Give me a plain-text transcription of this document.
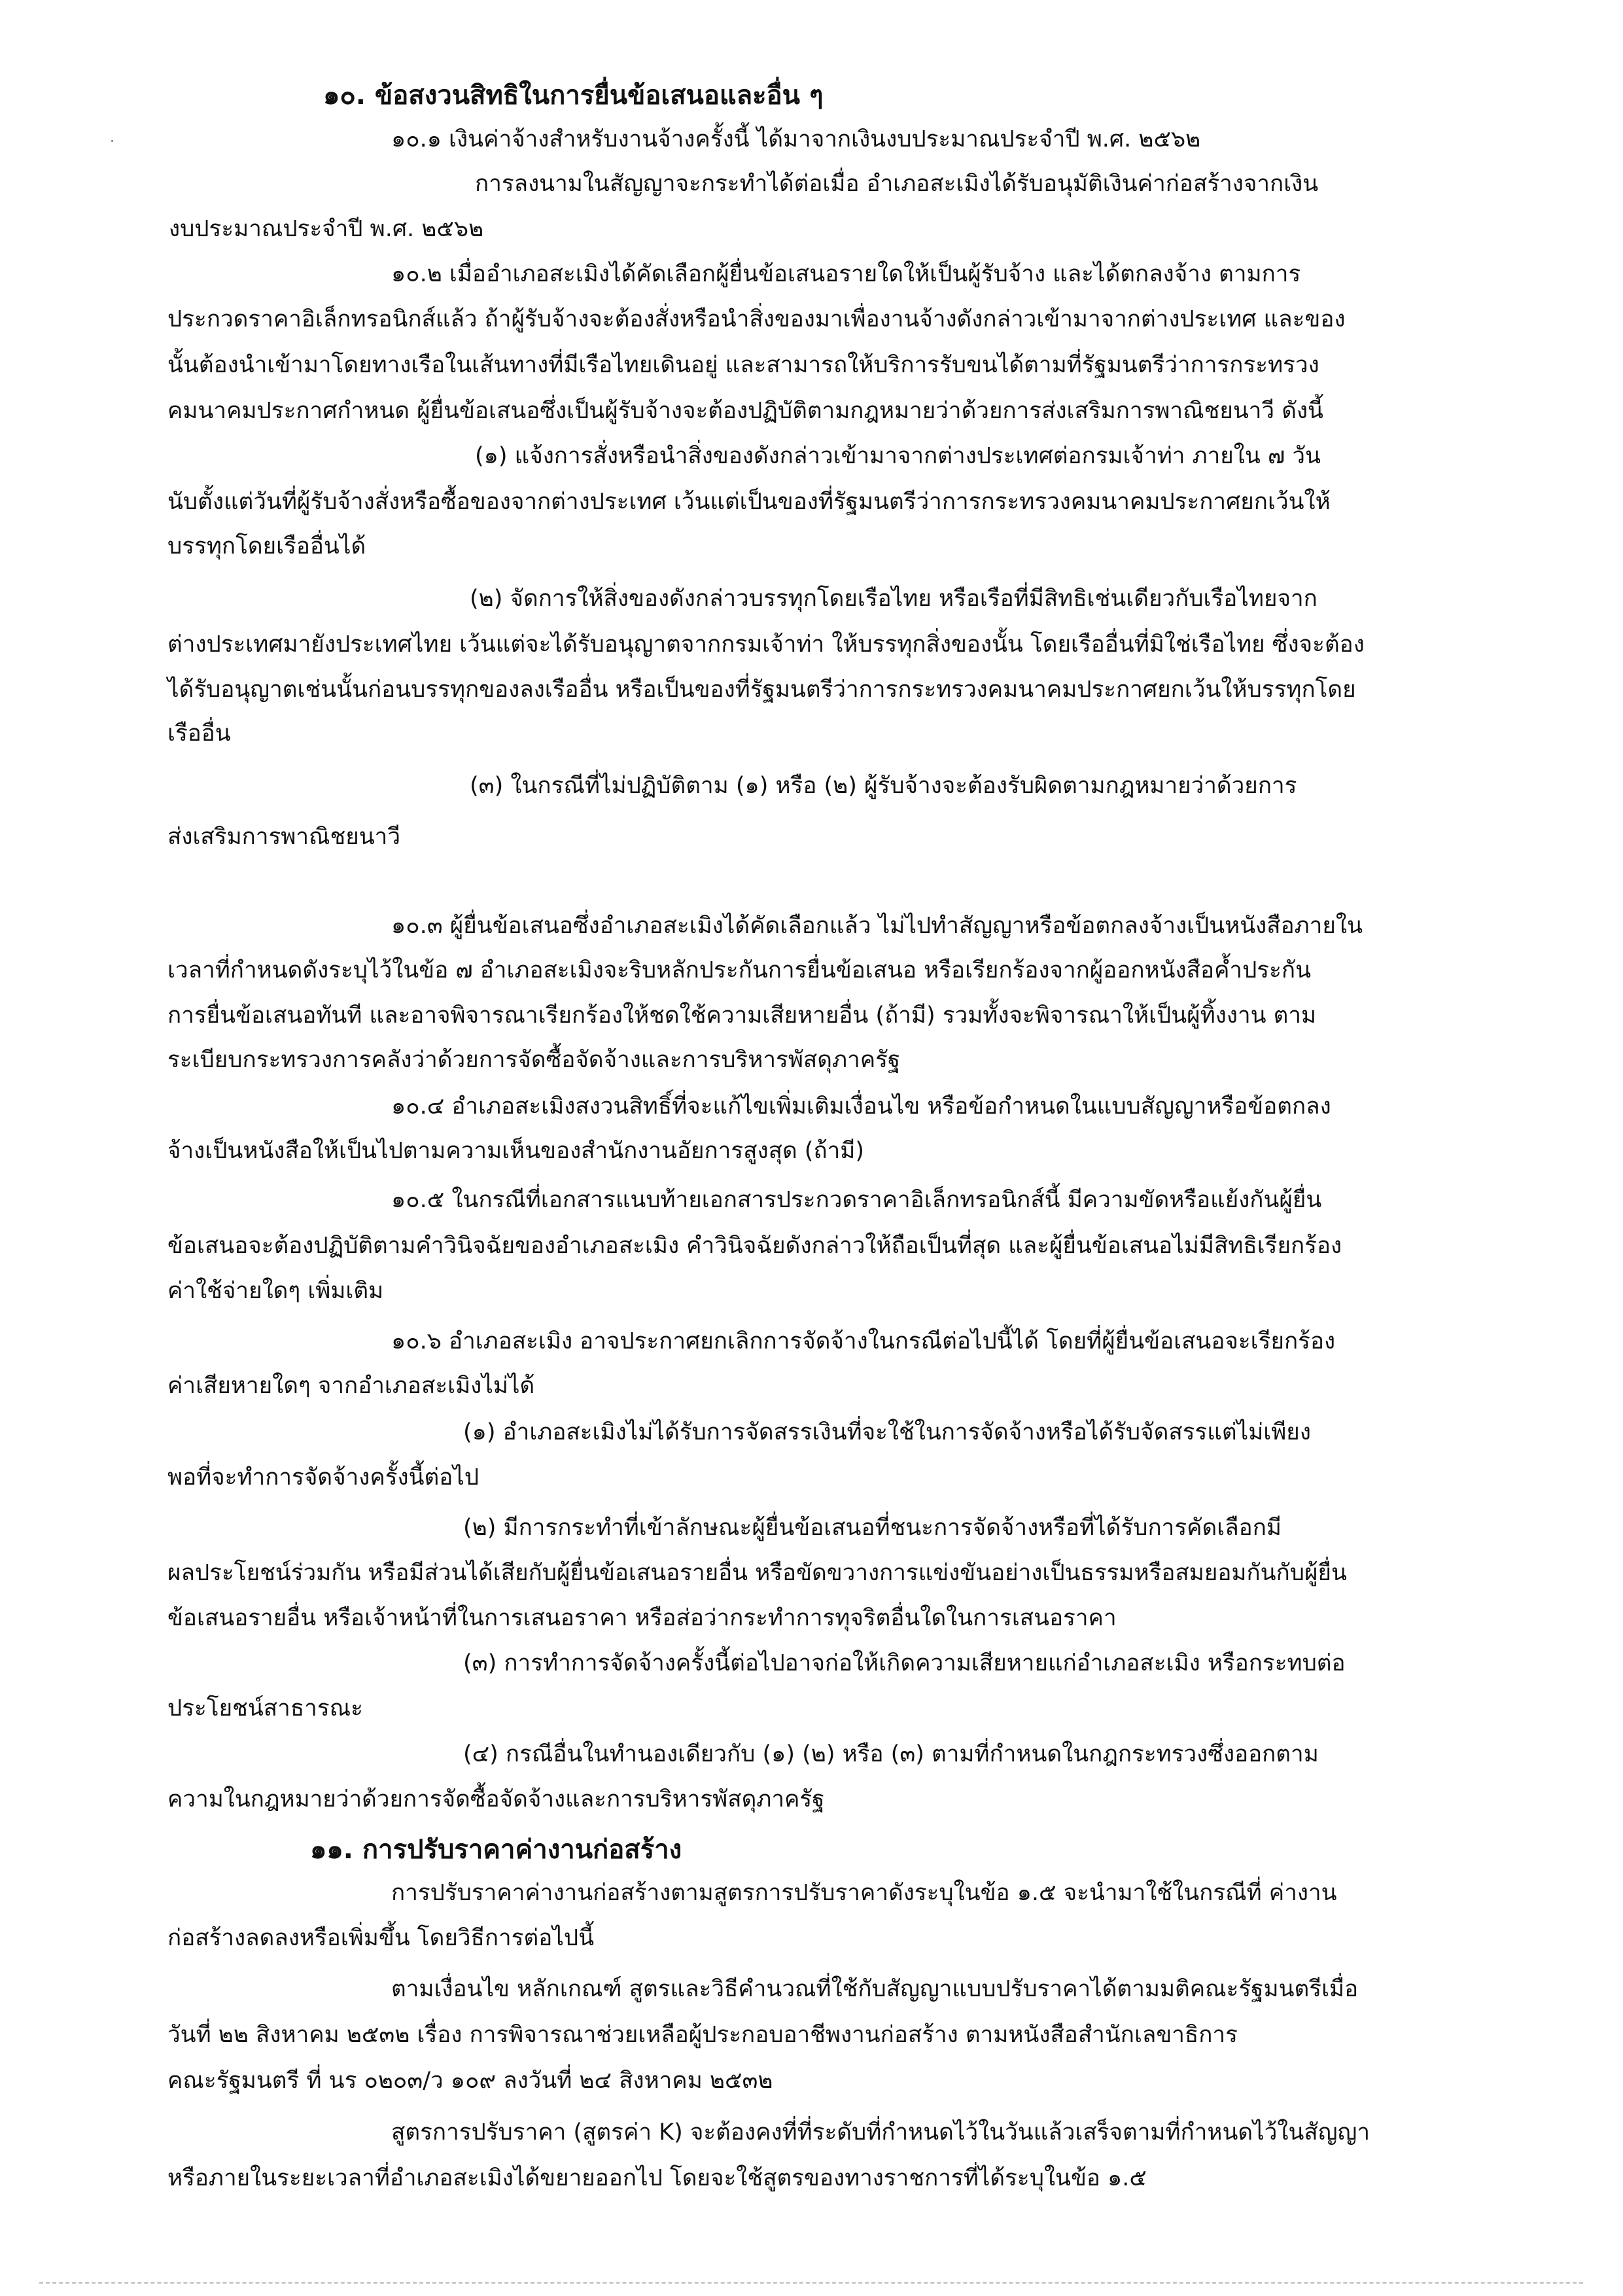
๑๐. ข้อสงวนสิทธิในการยื่นข้อเสนอและอื่น ๆ

๑๐.๑ เงินค่าจ้างสำหรับงานจ้างครั้งนี้ ได้มาจากเงินงบประมาณประจำปี พ.ศ. ๒๕๖๒

การลงนามในสัญญาจะกระทำได้ต่อเมื่อ อำเภอสะเมิงได้รับอนุมัติเงินค่าก่อสร้างจากเงิน

งบประมาณประจำปี พ.ศ. ๒๕๖๒

๑๐.๒ เมื่ออำเภอสะเมิงได้คัดเลือกผู้ยื่นข้อเสนอรายใดให้เป็นผู้รับจ้าง และได้ตกลงจ้าง ตามการ

ประกวดราคาอิเล็กทรอนิกส์แล้ว ถ้าผู้รับจ้างจะต้องสั่งหรือนำสิ่งของมาเพื่องานจ้างดังกล่าวเข้ามาจากต่างประเทศ และของ

นั้นต้องนำเข้ามาโดยทางเรือในเส้นทางที่มีเรือไทยเดินอยู่ และสามารถให้บริการรับขนได้ตามที่รัฐมนตรีว่าการกระทรวง

คมนาคมประกาศกำหนด ผู้ยื่นข้อเสนอซึ่งเป็นผู้รับจ้างจะต้องปฏิบัติตามกฎหมายว่าด้วยการส่งเสริมการพาณิชยนาวี ดังนี้

(๑) แจ้งการสั่งหรือนำสิ่งของดังกล่าวเข้ามาจากต่างประเทศต่อกรมเจ้าท่า ภายใน ๗ วัน

นับตั้งแต่วันที่ผู้รับจ้างสั่งหรือซื้อของจากต่างประเทศ เว้นแต่เป็นของที่รัฐมนตรีว่าการกระทรวงคมนาคมประกาศยกเว้นให้

บรรทุกโดยเรืออื่นได้

(๒) จัดการให้สิ่งของดังกล่าวบรรทุกโดยเรือไทย หรือเรือที่มีสิทธิเช่นเดียวกับเรือไทยจาก

ต่างประเทศมายังประเทศไทย เว้นแต่จะได้รับอนุญาตจากกรมเจ้าท่า ให้บรรทุกสิ่งของนั้น โดยเรืออื่นที่มิใช่เรือไทย ซึ่งจะต้อง

ได้รับอนุญาตเช่นนั้นก่อนบรรทุกของลงเรืออื่น หรือเป็นของที่รัฐมนตรีว่าการกระทรวงคมนาคมประกาศยกเว้นให้บรรทุกโดย

เรืออื่น

(๓) ในกรณีที่ไม่ปฏิบัติตาม (๑) หรือ (๒) ผู้รับจ้างจะต้องรับผิดตามกฎหมายว่าด้วยการ

ส่งเสริมการพาณิชยนาวี

๑๐.๓ ผู้ยื่นข้อเสนอซึ่งอำเภอสะเมิงได้คัดเลือกแล้ว ไม่ไปทำสัญญาหรือข้อตกลงจ้างเป็นหนังสือภายใน

เวลาที่กำหนดดังระบุไว้ในข้อ ๗ อำเภอสะเมิงจะริบหลักประกันการยื่นข้อเสนอ หรือเรียกร้องจากผู้ออกหนังสือค้ำประกัน

การยื่นข้อเสนอทันที และอาจพิจารณาเรียกร้องให้ชดใช้ความเสียหายอื่น (ถ้ามี) รวมทั้งจะพิจารณาให้เป็นผู้ทิ้งงาน ตาม

ระเบียบกระทรวงการคลังว่าด้วยการจัดซื้อจัดจ้างและการบริหารพัสดุภาครัฐ

๑๐.๔ อำเภอสะเมิงสงวนสิทธิ์ที่จะแก้ไขเพิ่มเติมเงื่อนไข หรือข้อกำหนดในแบบสัญญาหรือข้อตกลง

จ้างเป็นหนังสือให้เป็นไปตามความเห็นของสำนักงานอัยการสูงสุด (ถ้ามี)

๑๐.๕ ในกรณีที่เอกสารแนบท้ายเอกสารประกวดราคาอิเล็กทรอนิกส์นี้ มีความขัดหรือแย้งกันผู้ยื่น

ข้อเสนอจะต้องปฏิบัติตามคำวินิจฉัยของอำเภอสะเมิง คำวินิจฉัยดังกล่าวให้ถือเป็นที่สุด และผู้ยื่นข้อเสนอไม่มีสิทธิเรียกร้อง

ค่าใช้จ่ายใดๆ เพิ่มเติม

๑๐.๖ อำเภอสะเมิง อาจประกาศยกเลิกการจัดจ้างในกรณีต่อไปนี้ได้ โดยที่ผู้ยื่นข้อเสนอจะเรียกร้อง

ค่าเสียหายใดๆ จากอำเภอสะเมิงไม่ได้

(๑) อำเภอสะเมิงไม่ได้รับการจัดสรรเงินที่จะใช้ในการจัดจ้างหรือได้รับจัดสรรแต่ไม่เพียง

พอที่จะทำการจัดจ้างครั้งนี้ต่อไป

(๒) มีการกระทำที่เข้าลักษณะผู้ยื่นข้อเสนอที่ชนะการจัดจ้างหรือที่ได้รับการคัดเลือกมี

ผลประโยชน์ร่วมกัน หรือมีส่วนได้เสียกับผู้ยื่นข้อเสนอรายอื่น หรือขัดขวางการแข่งขันอย่างเป็นธรรมหรือสมยอมกันกับผู้ยื่น

ข้อเสนอรายอื่น หรือเจ้าหน้าที่ในการเสนอราคา หรือส่อว่ากระทำการทุจริตอื่นใดในการเสนอราคา

(๓) การทำการจัดจ้างครั้งนี้ต่อไปอาจก่อให้เกิดความเสียหายแก่อำเภอสะเมิง หรือกระทบต่อ

ประโยชน์สาธารณะ

(๔) กรณีอื่นในทำนองเดียวกับ (๑) (๒) หรือ (๓) ตามที่กำหนดในกฎกระทรวงซึ่งออกตาม

ความในกฎหมายว่าด้วยการจัดซื้อจัดจ้างและการบริหารพัสดุภาครัฐ

๑๑. การปรับราคาค่างานก่อสร้าง

การปรับราคาค่างานก่อสร้างตามสูตรการปรับราคาดังระบุในข้อ ๑.๕ จะนำมาใช้ในกรณีที่ ค่างาน

ก่อสร้างลดลงหรือเพิ่มขึ้น โดยวิธีการต่อไปนี้

ตามเงื่อนไข หลักเกณฑ์ สูตรและวิธีคำนวณที่ใช้กับสัญญาแบบปรับราคาได้ตามมติคณะรัฐมนตรีเมื่อ

วันที่ ๒๒ สิงหาคม ๒๕๓๒ เรื่อง การพิจารณาช่วยเหลือผู้ประกอบอาชีพงานก่อสร้าง ตามหนังสือสำนักเลขาธิการ

คณะรัฐมนตรี ที่ นร ๐๒๐๓/ว ๑๐๙ ลงวันที่ ๒๔ สิงหาคม ๒๕๓๒

สูตรการปรับราคา (สูตรค่า K) จะต้องคงที่ที่ระดับที่กำหนดไว้ในวันแล้วเสร็จตามที่กำหนดไว้ในสัญญา

หรือภายในระยะเวลาที่อำเภอสะเมิงได้ขยายออกไป โดยจะใช้สูตรของทางราชการที่ได้ระบุในข้อ ๑.๕
